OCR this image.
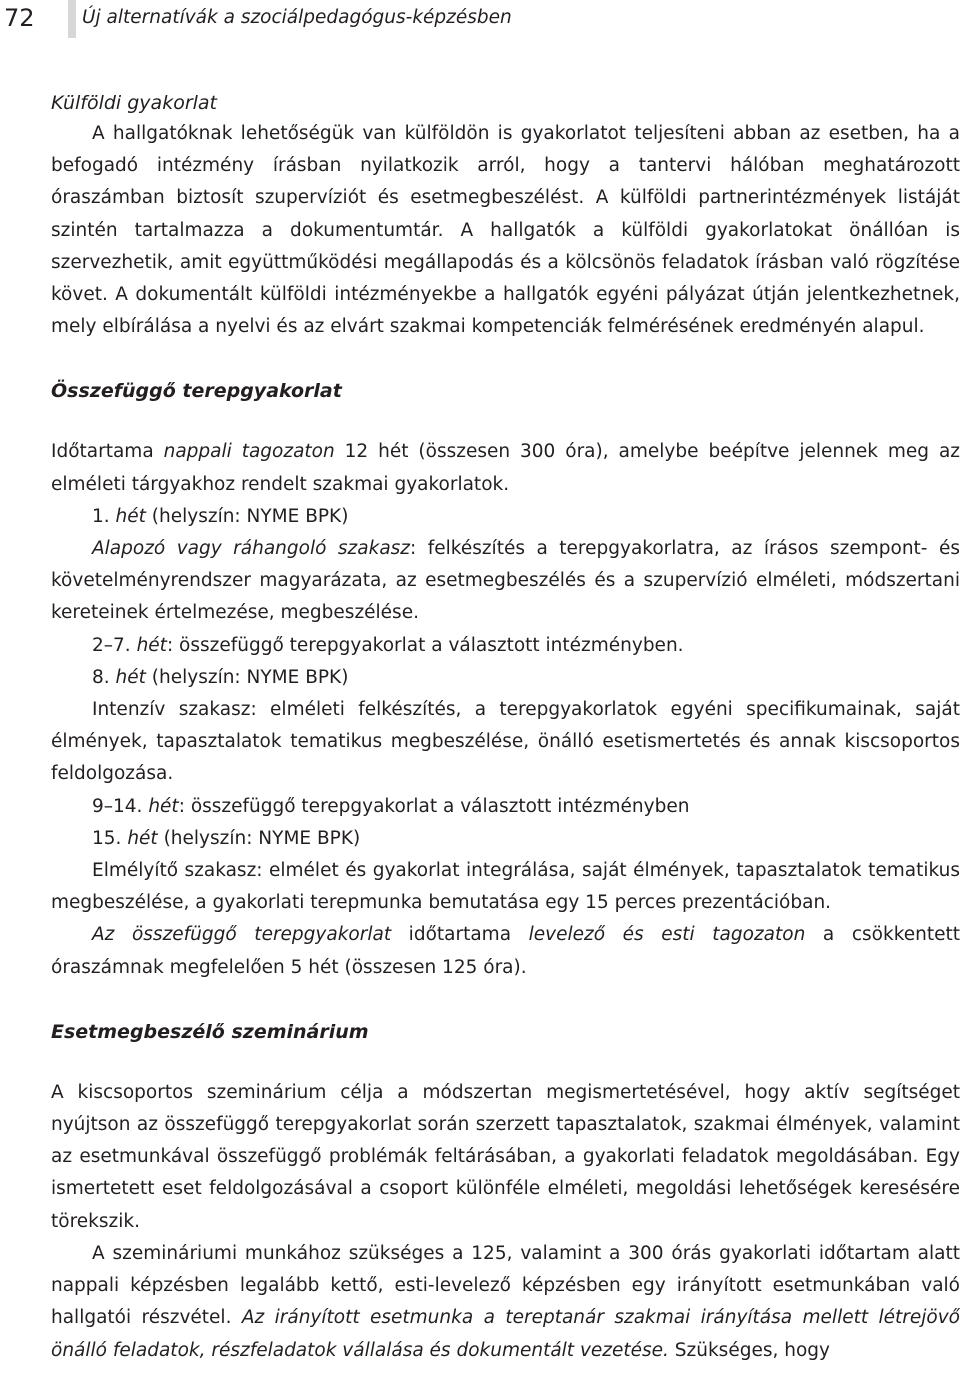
72	Új alternatívák a szociálpedagógus-képzésben
Külföldi gyakorlat

A hallgatóknak lehetőségük van külföldön is gyakorlatot teljesíteni abban az esetben, ha a befogadó intézmény írásban nyilatkozik arról, hogy a tantervi hálóban meghatározott óraszámban biztosít szupervíziót és esetmegbeszélést. A külföldi partnerintézmények listáját szintén tartalmazza a dokumentumtár. A hallgatók a külföldi gyakorlatokat önállóan is szervezhetik, amit együttműködési megállapodás és a kölcsönös feladatok írásban való rögzítése követ. A dokumentált külföldi intézményekbe a hallgatók egyéni pályázat útján jelentkezhetnek, mely elbírálása a nyelvi és az elvárt szakmai kompetenciák felmérésének eredményén alapul.

Összefüggő terepgyakorlat

Időtartama nappali tagozaton 12 hét (összesen 300 óra), amelybe beépítve jelennek meg az elméleti tárgyakhoz rendelt szakmai gyakorlatok.

1. hét (helyszín: NYME BPK)

Alapozó vagy ráhangoló szakasz: felkészítés a terepgyakorlatra, az írásos szempont- és követelményrendszer magyarázata, az esetmegbeszélés és a szupervízió elméleti, módszertani kereteinek értelmezése, megbeszélése.

2–7. hét: összefüggő terepgyakorlat a választott intézményben.

8. hét (helyszín: NYME BPK)

Intenzív szakasz: elméleti felkészítés, a terepgyakorlatok egyéni specifikumainak, saját élmények, tapasztalatok tematikus megbeszélése, önálló esetismertetés és annak kiscsoportos feldolgozása.

9–14. hét: összefüggő terepgyakorlat a választott intézményben

15. hét (helyszín: NYME BPK)

Elmélyítő szakasz: elmélet és gyakorlat integrálása, saját élmények, tapasztalatok tematikus megbeszélése, a gyakorlati terepmunka bemutatása egy 15 perces prezentációban.

Az összefüggő terepgyakorlat időtartama levelező és esti tagozaton a csökkentett óraszámnak megfelelően 5 hét (összesen 125 óra).

Esetmegbeszélő szeminárium

A kiscsoportos szeminárium célja a módszertan megismertetésével, hogy aktív segítséget nyújtson az összefüggő terepgyakorlat során szerzett tapasztalatok, szakmai élmények, valamint az esetmunkával összefüggő problémák feltárásában, a gyakorlati feladatok megoldásában. Egy ismertetett eset feldolgozásával a csoport különféle elméleti, megoldási lehetőségek keresésére törekszik.

A szemináriumi munkához szükséges a 125, valamint a 300 órás gyakorlati időtartam alatt nappali képzésben legalább kettő, esti-levelező képzésben egy irányított esetmunkában való hallgatói részvétel. Az irányított esetmunka a tereptanár szakmai irányítása mellett létrejövő önálló feladatok, részfeladatok vállalása és dokumentált vezetése. Szükséges, hogy
